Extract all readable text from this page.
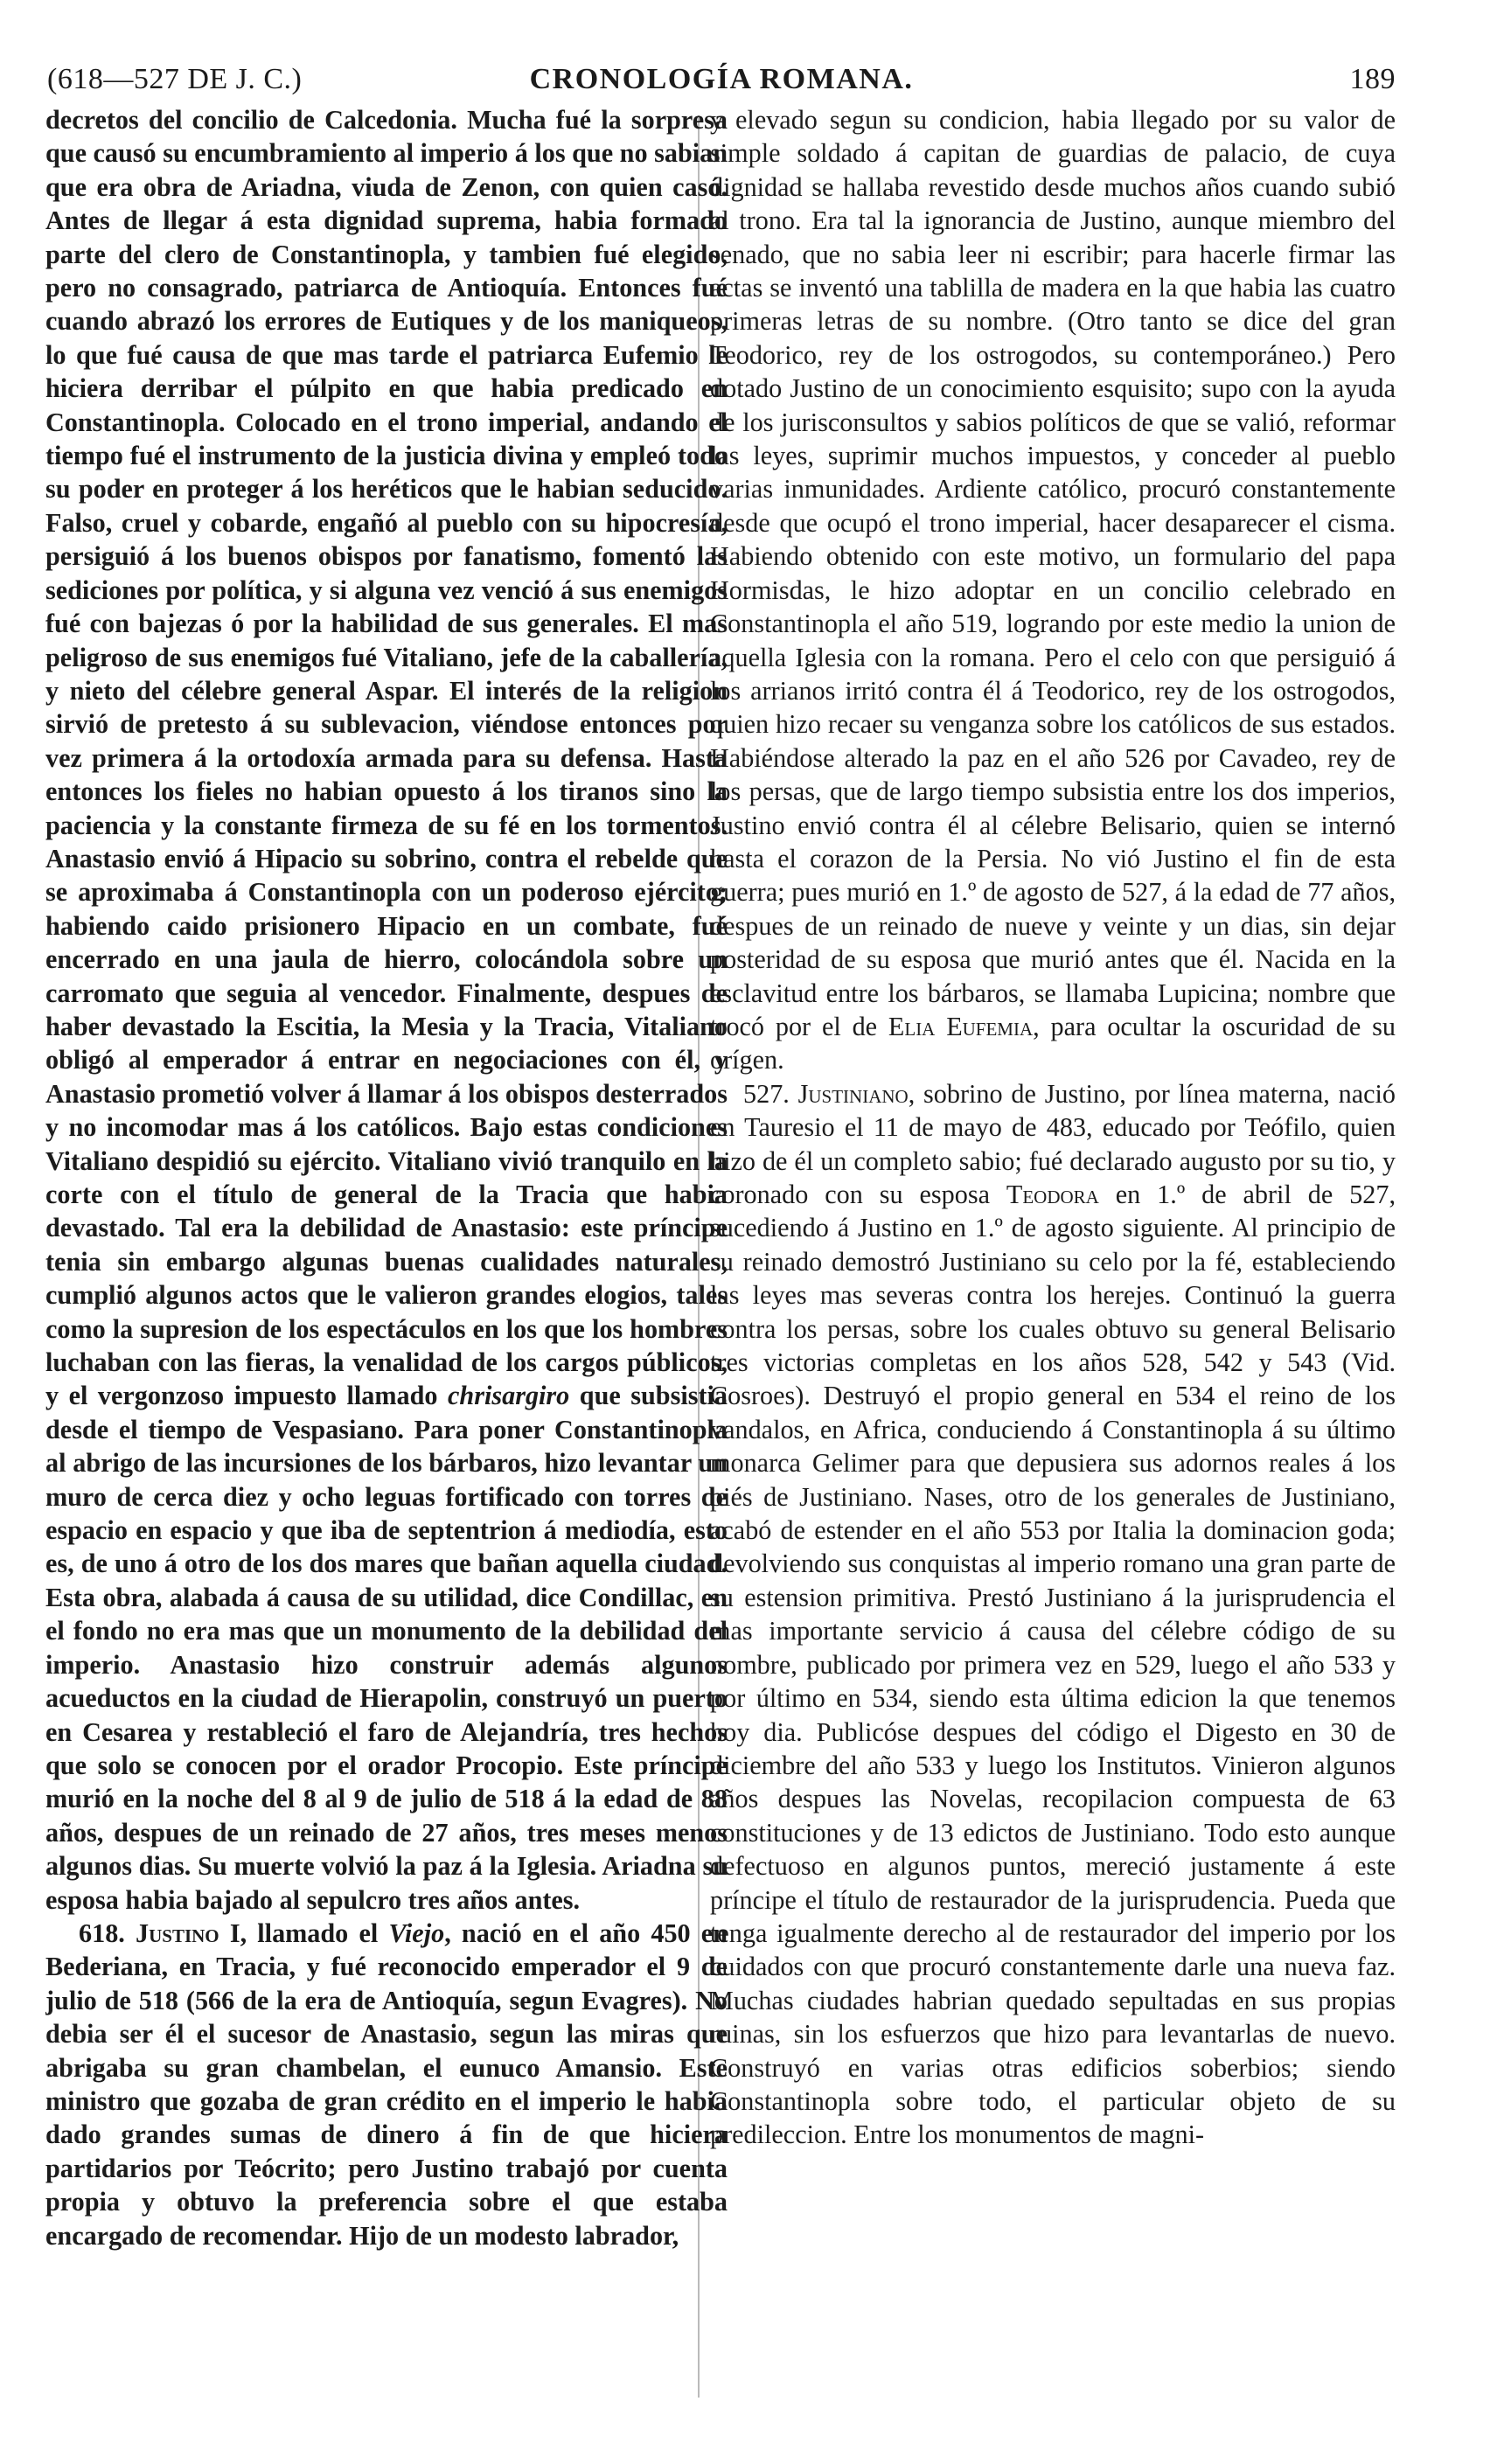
(618—527 DE J. C.)	CRONOLOGÍA ROMANA.	189

decretos del concilio de Calcedonia. Mucha fué la sorpresa que causó su encumbramiento al imperio á los que no sabian que era obra de Ariadna, viuda de Zenon, con quien casó. Antes de llegar á esta dignidad suprema, habia formado parte del clero de Constantinopla, y tambien fué elegido, pero no consagrado, patriarca de Antioquía. Entonces fué cuando abrazó los errores de Eutiques y de los maniqueos, lo que fué causa de que mas tarde el patriarca Eufemio le hiciera derribar el púlpito en que habia predicado en Constantinopla. Colocado en el trono imperial, andando el tiempo fué el instrumento de la justicia divina y empleó todo su poder en proteger á los heréticos que le habian seducido. Falso, cruel y cobarde, engañó al pueblo con su hipocresía, persiguió á los buenos obispos por fanatismo, fomentó las sediciones por política, y si alguna vez venció á sus enemigos fué con bajezas ó por la habilidad de sus generales. El mas peligroso de sus enemigos fué Vitaliano, jefe de la caballería, y nieto del célebre general Aspar. El interés de la religion sirvió de pretesto á su sublevacion, viéndose entonces por vez primera á la ortodoxía armada para su defensa. Hasta entonces los fieles no habian opuesto á los tiranos sino la paciencia y la constante firmeza de su fé en los tormentos. Anastasio envió á Hipacio su sobrino, contra el rebelde que se aproximaba á Constantinopla con un poderoso ejército; habiendo caido prisionero Hipacio en un combate, fué encerrado en una jaula de hierro, colocándola sobre un carromato que seguia al vencedor. Finalmente, despues de haber devastado la Escitia, la Mesia y la Tracia, Vitaliano obligó al emperador á entrar en negociaciones con él, y Anastasio prometió volver á llamar á los obispos desterrados y no incomodar mas á los católicos. Bajo estas condiciones Vitaliano despidió su ejército. Vitaliano vivió tranquilo en la corte con el título de general de la Tracia que habia devastado. Tal era la debilidad de Anastasio: este príncipe tenia sin embargo algunas buenas cualidades naturales, cumplió algunos actos que le valieron grandes elogios, tales como la supresion de los espectáculos en los que los hombres luchaban con las fieras, la venalidad de los cargos públicos, y el vergonzoso impuesto llamado chrisargiro que subsistia desde el tiempo de Vespasiano. Para poner Constantinopla al abrigo de las incursiones de los bárbaros, hizo levantar un muro de cerca diez y ocho leguas fortificado con torres de espacio en espacio y que iba de septentrion á mediodía, esto es, de uno á otro de los dos mares que bañan aquella ciudad. Esta obra, alabada á causa de su utilidad, dice Condillac, en el fondo no era mas que un monumento de la debilidad del imperio. Anastasio hizo construir además algunos acueductos en la ciudad de Hierapolin, construyó un puerto en Cesarea y restableció el faro de Alejandría, tres hechos que solo se conocen por el orador Procopio. Este príncipe murió en la noche del 8 al 9 de julio de 518 á la edad de 88 años, despues de un reinado de 27 años, tres meses menos algunos dias. Su muerte volvió la paz á la Iglesia. Ariadna su esposa habia bajado al sepulcro tres años antes.

618. Justino I, llamado el Viejo, nació en el año 450 en Bederiana, en Tracia, y fué reconocido emperador el 9 de julio de 518 (566 de la era de Antioquía, segun Evagres). No debia ser él el sucesor de Anastasio, segun las miras que abrigaba su gran chambelan, el eunuco Amansio. Este ministro que gozaba de gran crédito en el imperio le habia dado grandes sumas de dinero á fin de que hiciera partidarios por Teócrito; pero Justino trabajó por cuenta propia y obtuvo la preferencia sobre el que estaba encargado de recomendar. Hijo de un modesto labrador,

y elevado segun su condicion, habia llegado por su valor de simple soldado á capitan de guardias de palacio, de cuya dignidad se hallaba revestido desde muchos años cuando subió al trono. Era tal la ignorancia de Justino, aunque miembro del senado, que no sabia leer ni escribir; para hacerle firmar las actas se inventó una tablilla de madera en la que habia las cuatro primeras letras de su nombre. (Otro tanto se dice del gran Teodorico, rey de los ostrogodos, su contemporáneo.) Pero dotado Justino de un conocimiento esquisito; supo con la ayuda de los jurisconsultos y sabios políticos de que se valió, reformar las leyes, suprimir muchos impuestos, y conceder al pueblo varias inmunidades. Ardiente católico, procuró constantemente desde que ocupó el trono imperial, hacer desaparecer el cisma. Habiendo obtenido con este motivo, un formulario del papa Hormisdas, le hizo adoptar en un concilio celebrado en Constantinopla el año 519, logrando por este medio la union de aquella Iglesia con la romana. Pero el celo con que persiguió á los arrianos irritó contra él á Teodorico, rey de los ostrogodos, quien hizo recaer su venganza sobre los católicos de sus estados. Habiéndose alterado la paz en el año 526 por Cavadeo, rey de los persas, que de largo tiempo subsistia entre los dos imperios, Justino envió contra él al célebre Belisario, quien se internó hasta el corazon de la Persia. No vió Justino el fin de esta guerra; pues murió en 1.º de agosto de 527, á la edad de 77 años, despues de un reinado de nueve y veinte y un dias, sin dejar posteridad de su esposa que murió antes que él. Nacida en la esclavitud entre los bárbaros, se llamaba Lupicina; nombre que trocó por el de Elia Eufemia, para ocultar la oscuridad de su orígen.

527. Justiniano, sobrino de Justino, por línea materna, nació en Tauresio el 11 de mayo de 483, educado por Teófilo, quien hizo de él un completo sabio; fué declarado augusto por su tio, y coronado con su esposa Teodora en 1.º de abril de 527, sucediendo á Justino en 1.º de agosto siguiente. Al principio de su reinado demostró Justiniano su celo por la fé, estableciendo las leyes mas severas contra los herejes. Continuó la guerra contra los persas, sobre los cuales obtuvo su general Belisario tres victorias completas en los años 528, 542 y 543 (Vid. Cosroes). Destruyó el propio general en 534 el reino de los vandalos, en Africa, conduciendo á Constantinopla á su último monarca Gelimer para que depusiera sus adornos reales á los piés de Justiniano. Nases, otro de los generales de Justiniano, acabó de estender en el año 553 por Italia la dominacion goda; devolviendo sus conquistas al imperio romano una gran parte de su estension primitiva. Prestó Justiniano á la jurisprudencia el mas importante servicio á causa del célebre código de su nombre, publicado por primera vez en 529, luego el año 533 y por último en 534, siendo esta última edicion la que tenemos hoy dia. Publicóse despues del código el Digesto en 30 de diciembre del año 533 y luego los Institutos. Vinieron algunos años despues las Novelas, recopilacion compuesta de 63 constituciones y de 13 edictos de Justiniano. Todo esto aunque defectuoso en algunos puntos, mereció justamente á este príncipe el título de restaurador de la jurisprudencia. Pueda que tenga igualmente derecho al de restaurador del imperio por los cuidados con que procuró constantemente darle una nueva faz. Muchas ciudades habrian quedado sepultadas en sus propias ruinas, sin los esfuerzos que hizo para levantarlas de nuevo. Construyó en varias otras edificios soberbios; siendo Constantinopla sobre todo, el particular objeto de su predileccion. Entre los monumentos de magni-
